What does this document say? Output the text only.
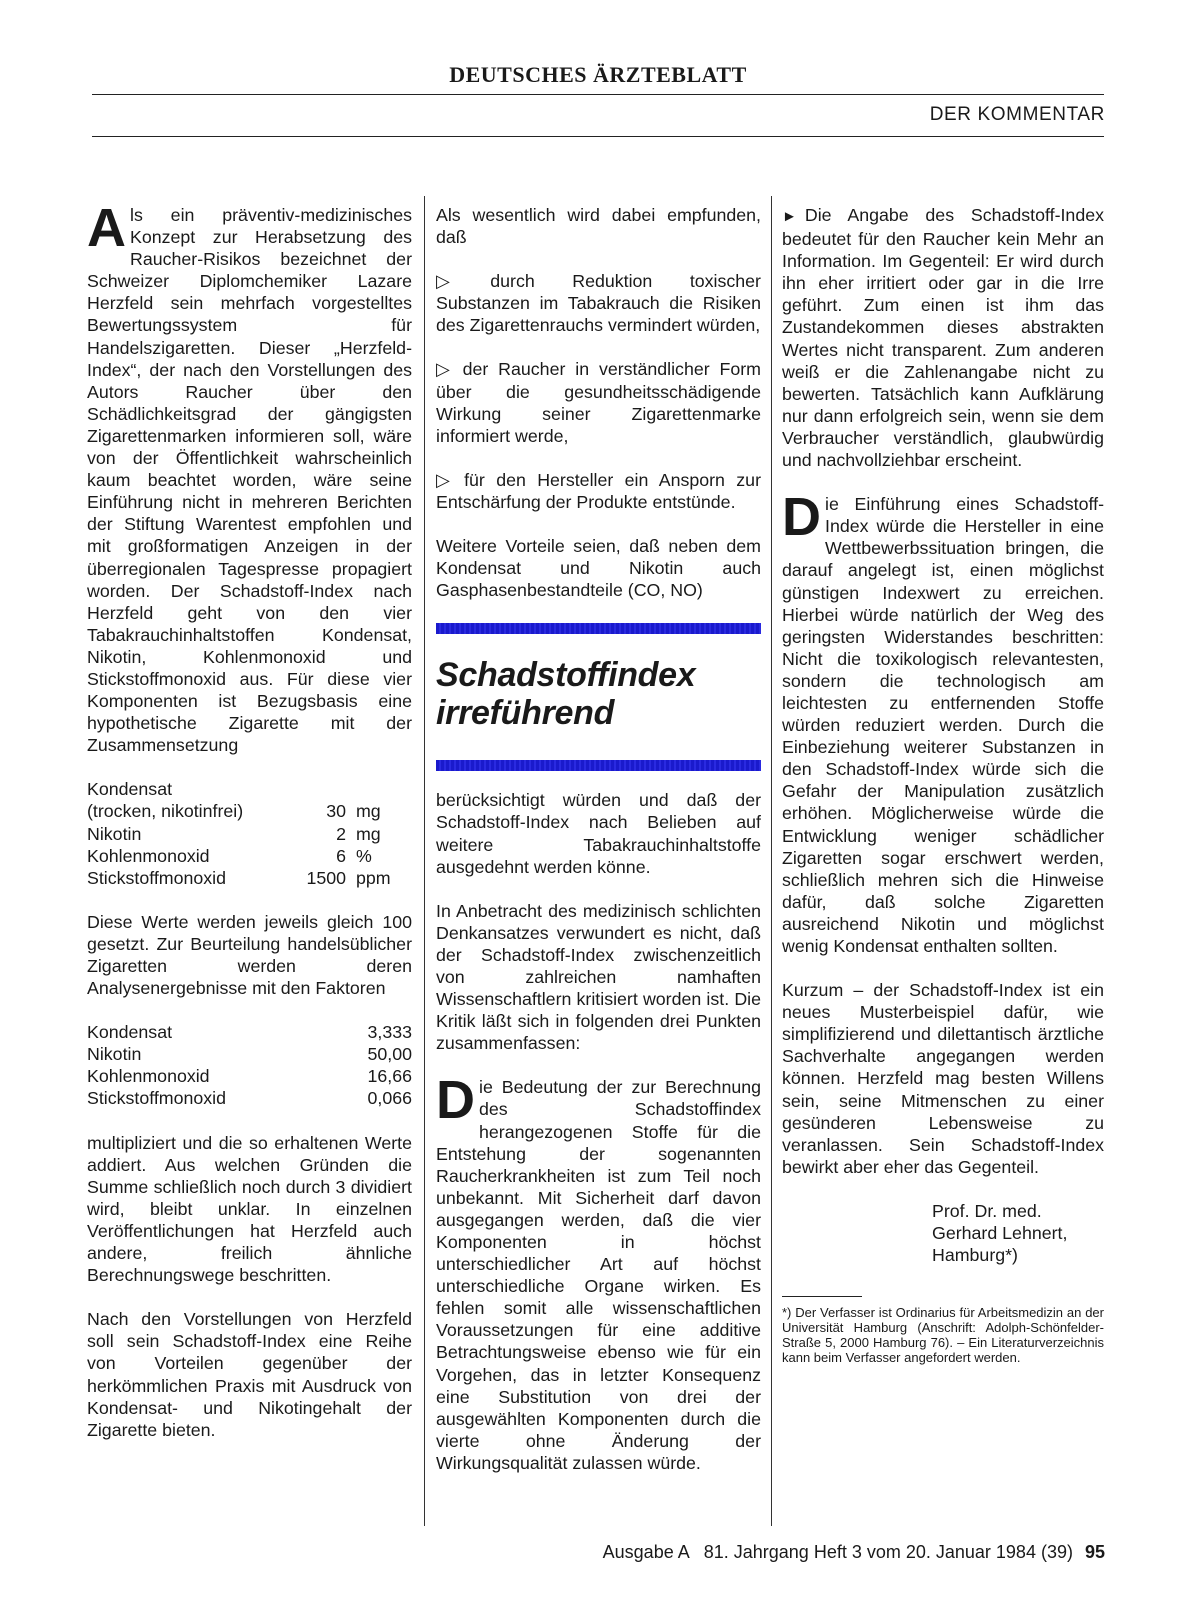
DEUTSCHES ÄRZTEBLATT
DER KOMMENTAR

Als ein präventiv-medizinisches Konzept zur Herabsetzung des Raucher-Risikos bezeichnet der Schweizer Diplomchemiker Lazare Herzfeld sein mehrfach vorgestelltes Bewertungssystem für Handelszigaretten. Dieser „Herzfeld-Index“, der nach den Vorstellungen des Autors Raucher über den Schädlichkeitsgrad der gängigsten Zigarettenmarken informieren soll, wäre von der Öffentlichkeit wahrscheinlich kaum beachtet worden, wäre seine Einführung nicht in mehreren Berichten der Stiftung Warentest empfohlen und mit großformatigen Anzeigen in der überregionalen Tagespresse propagiert worden. Der Schadstoff-Index nach Herzfeld geht von den vier Tabakrauchinhaltstoffen Kondensat, Nikotin, Kohlenmonoxid und Stickstoffmonoxid aus. Für diese vier Komponenten ist Bezugsbasis eine hypothetische Zigarette mit der Zusammensetzung

Kondensat		
(trocken, nikotinfrei)	30	mg
Nikotin	2	mg
Kohlenmonoxid	6	%
Stickstoffmonoxid	1500	ppm

Diese Werte werden jeweils gleich 100 gesetzt. Zur Beurteilung handelsüblicher Zigaretten werden deren Analysenergebnisse mit den Faktoren

Kondensat	3,333
Nikotin	50,00
Kohlenmonoxid	16,66
Stickstoffmonoxid	0,066

multipliziert und die so erhaltenen Werte addiert. Aus welchen Gründen die Summe schließlich noch durch 3 dividiert wird, bleibt unklar. In einzelnen Veröffentlichungen hat Herzfeld auch andere, freilich ähnliche Berechnungswege beschritten.

Nach den Vorstellungen von Herzfeld soll sein Schadstoff-Index eine Reihe von Vorteilen gegenüber der herkömmlichen Praxis mit Ausdruck von Kondensat- und Nikotingehalt der Zigarette bieten.

Als wesentlich wird dabei empfunden, daß

▷ durch Reduktion toxischer Substanzen im Tabakrauch die Risiken des Zigarettenrauchs vermindert würden,

▷ der Raucher in verständlicher Form über die gesundheitsschädigende Wirkung seiner Zigarettenmarke informiert werde,

▷ für den Hersteller ein Ansporn zur Entschärfung der Produkte entstünde.

Weitere Vorteile seien, daß neben dem Kondensat und Nikotin auch Gasphasenbestandteile (CO, NO)

Schadstoffindex
irreführend

berücksichtigt würden und daß der Schadstoff-Index nach Belieben auf weitere Tabakrauchinhaltstoffe ausgedehnt werden könne.

In Anbetracht des medizinisch schlichten Denkansatzes verwundert es nicht, daß der Schadstoff-Index zwischenzeitlich von zahlreichen namhaften Wissenschaftlern kritisiert worden ist. Die Kritik läßt sich in folgenden drei Punkten zusammenfassen:

Die Bedeutung der zur Berechnung des Schadstoffindex herangezogenen Stoffe für die Entstehung der sogenannten Raucherkrankheiten ist zum Teil noch unbekannt. Mit Sicherheit darf davon ausgegangen werden, daß die vier Komponenten in höchst unterschiedlicher Art auf höchst unterschiedliche Organe wirken. Es fehlen somit alle wissenschaftlichen Voraussetzungen für eine additive Betrachtungsweise ebenso wie für ein Vorgehen, das in letzter Konsequenz eine Substitution von drei der ausgewählten Komponenten durch die vierte ohne Änderung der Wirkungsqualität zulassen würde.

► Die Angabe des Schadstoff-Index bedeutet für den Raucher kein Mehr an Information. Im Gegenteil: Er wird durch ihn eher irritiert oder gar in die Irre geführt. Zum einen ist ihm das Zustandekommen dieses abstrakten Wertes nicht transparent. Zum anderen weiß er die Zahlenangabe nicht zu bewerten. Tatsächlich kann Aufklärung nur dann erfolgreich sein, wenn sie dem Verbraucher verständlich, glaubwürdig und nachvollziehbar erscheint.

Die Einführung eines Schadstoff-Index würde die Hersteller in eine Wettbewerbssituation bringen, die darauf angelegt ist, einen möglichst günstigen Indexwert zu erreichen. Hierbei würde natürlich der Weg des geringsten Widerstandes beschritten: Nicht die toxikologisch relevantesten, sondern die technologisch am leichtesten zu entfernenden Stoffe würden reduziert werden. Durch die Einbeziehung weiterer Substanzen in den Schadstoff-Index würde sich die Gefahr der Manipulation zusätzlich erhöhen. Möglicherweise würde die Entwicklung weniger schädlicher Zigaretten sogar erschwert werden, schließlich mehren sich die Hinweise dafür, daß solche Zigaretten ausreichend Nikotin und möglichst wenig Kondensat enthalten sollten.

Kurzum – der Schadstoff-Index ist ein neues Musterbeispiel dafür, wie simplifizierend und dilettantisch ärztliche Sachverhalte angegangen werden können. Herzfeld mag besten Willens sein, seine Mitmenschen zu einer gesünderen Lebensweise zu veranlassen. Sein Schadstoff-Index bewirkt aber eher das Gegenteil.

Prof. Dr. med.
Gerhard Lehnert,
Hamburg*)

*) Der Verfasser ist Ordinarius für Arbeitsmedizin an der Universität Hamburg (Anschrift: Adolph-Schönfelder-Straße 5, 2000 Hamburg 76). – Ein Literaturverzeichnis kann beim Verfasser angefordert werden.
Ausgabe A   81. Jahrgang Heft 3 vom 20. Januar 1984 (39) 95
